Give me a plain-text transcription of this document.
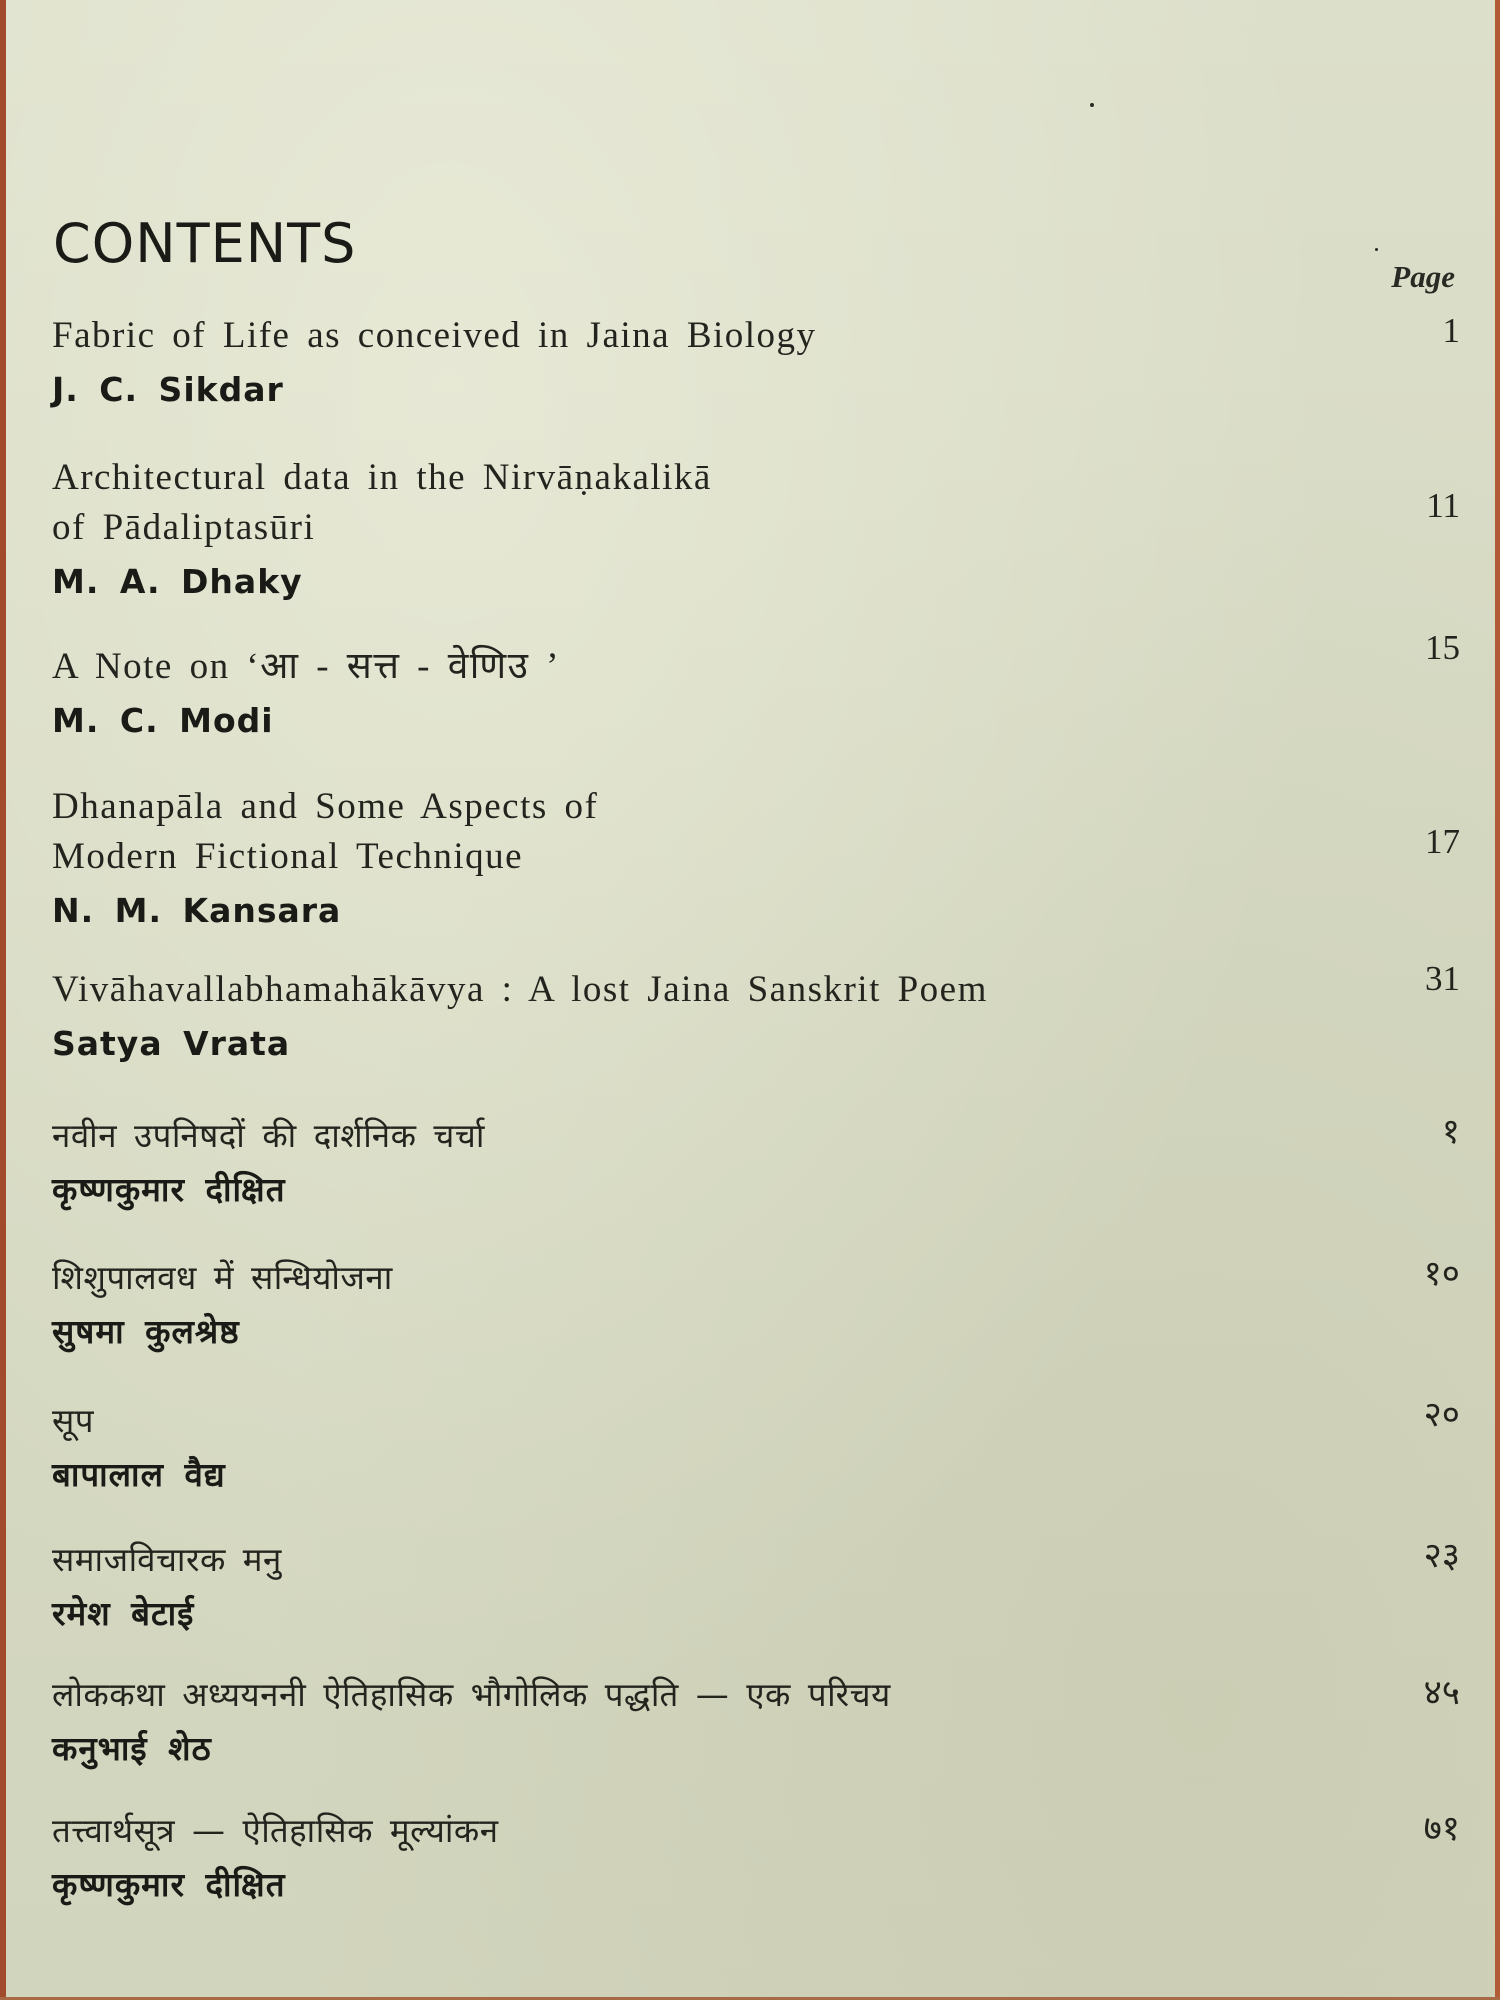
CONTENTS
Page
Fabric of Life as conceived in Jaina Biology
J. C. Sikdar
1
Architectural data in the Nirvāṇakalikā
of Pādaliptasūri
M. A. Dhaky
11
A Note on ‘आ - सत्त - वेणिउ ’
M. C. Modi
15
Dhanapāla and Some Aspects of
Modern Fictional Technique
N. M. Kansara
17
Vivāhavallabhamahākāvya : A lost Jaina Sanskrit Poem
Satya Vrata
31
नवीन उपनिषदों की दार्शनिक चर्चा
कृष्णकुमार दीक्षित
१
शिशुपालवध में सन्धियोजना
सुषमा कुलश्रेष्ठ
१०
सूप
बापालाल वैद्य
२०
समाजविचारक मनु
रमेश बेटाई
२३
लोककथा अध्ययननी ऐतिहासिक भौगोलिक पद्धति — एक परिचय
कनुभाई शेठ
४५
तत्त्वार्थसूत्र — ऐतिहासिक मूल्यांकन
कृष्णकुमार दीक्षित
७१
